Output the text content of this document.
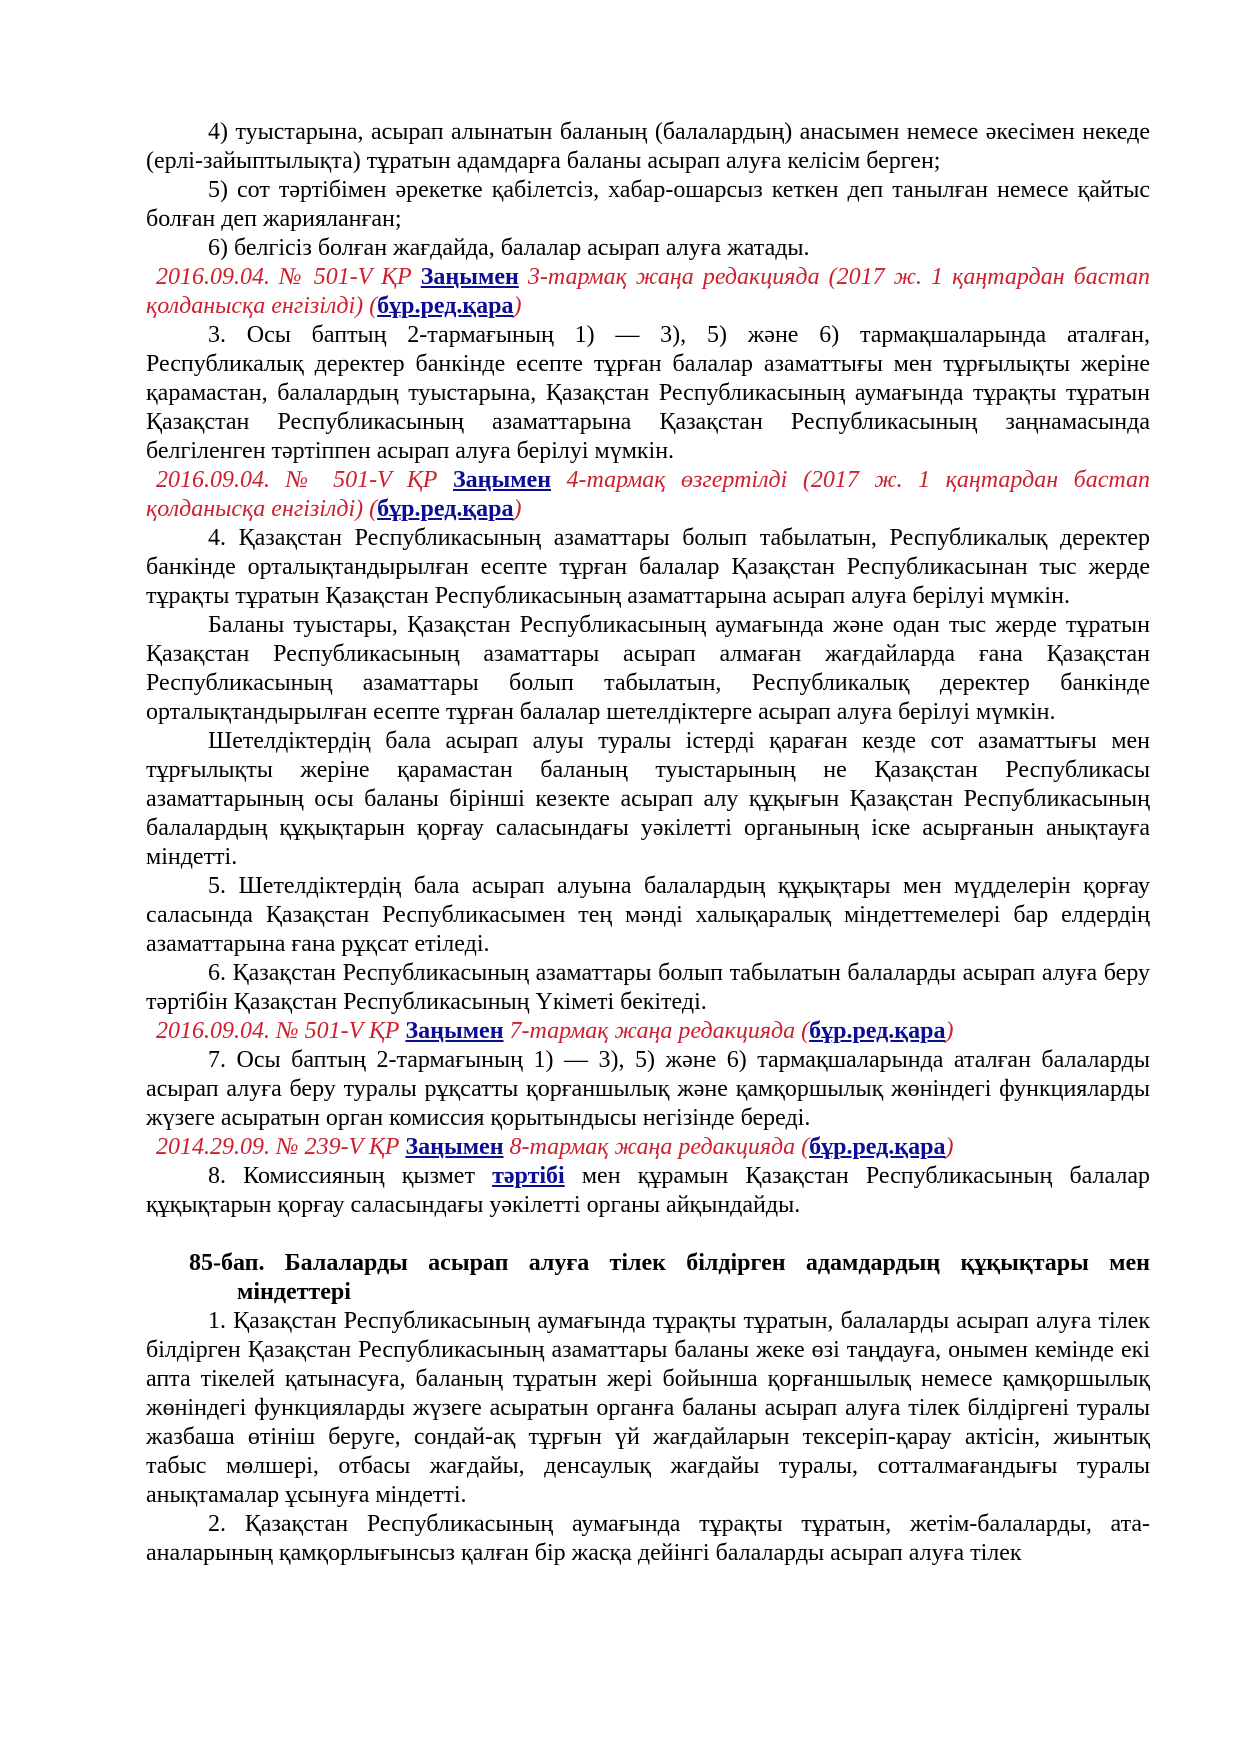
4) туыстарына, асырап алынатын баланың (балалардың) анасымен немесе әкесімен некеде (ерлі-зайыптылықта) тұратын адамдарға баланы асырап алуға келісім берген;

5) сот тәртібімен әрекетке қабілетсіз, хабар-ошарсыз кеткен деп танылған немесе қайтыс болған деп жарияланған;

6) белгісіз болған жағдайда, балалар асырап алуға жатады.

2016.09.04. № 501-V ҚР Заңымен 3-тармақ жаңа редакцияда (2017 ж. 1 қаңтардан бастап қолданысқа енгізілді) (бұр.ред.қара)

3. Осы баптың 2-тармағының 1) — 3), 5) және 6) тармақшаларында аталған, Республикалық деректер банкінде есепте тұрған балалар азаматтығы мен тұрғылықты жеріне қарамастан, балалардың туыстарына, Қазақстан Республикасының аумағында тұрақты тұратын Қазақстан Республикасының азаматтарына Қазақстан Республикасының заңнамасында белгіленген тәртіппен асырап алуға берілуі мүмкін.

2016.09.04. № 501-V ҚР Заңымен 4-тармақ өзгертілді (2017 ж. 1 қаңтардан бастап қолданысқа енгізілді) (бұр.ред.қара)

4. Қазақстан Республикасының азаматтары болып табылатын, Республикалық деректер банкінде орталықтандырылған есепте тұрған балалар Қазақстан Республикасынан тыс жерде тұрақты тұратын Қазақстан Республикасының азаматтарына асырап алуға берілуі мүмкін.

Баланы туыстары, Қазақстан Республикасының аумағында және одан тыс жерде тұратын Қазақстан Республикасының азаматтары асырап алмаған жағдайларда ғана Қазақстан Республикасының азаматтары болып табылатын, Республикалық деректер банкінде орталықтандырылған есепте тұрған балалар шетелдіктерге асырап алуға берілуі мүмкін.

Шетелдіктердің бала асырап алуы туралы істерді қараған кезде сот азаматтығы мен тұрғылықты жеріне қарамастан баланың туыстарының не Қазақстан Республикасы азаматтарының осы баланы бірінші кезекте асырап алу құқығын Қазақстан Республикасының балалардың құқықтарын қорғау саласындағы уәкілетті органының іске асырғанын анықтауға міндетті.

5. Шетелдіктердің бала асырап алуына балалардың құқықтары мен мүдделерін қорғау саласында Қазақстан Республикасымен тең мәнді халықаралық міндеттемелері бар елдердің азаматтарына ғана рұқсат етіледі.

6. Қазақстан Республикасының азаматтары болып табылатын балаларды асырап алуға беру тәртібін Қазақстан Республикасының Үкіметі бекітеді.

2016.09.04. № 501-V ҚР Заңымен 7-тармақ жаңа редакцияда (бұр.ред.қара)

7. Осы баптың 2-тармағының 1) — 3), 5) және 6) тармақшаларында аталған балаларды асырап алуға беру туралы рұқсатты қорғаншылық және қамқоршылық жөніндегі функцияларды жүзеге асыратын орган комиссия қорытындысы негізінде береді.

2014.29.09. № 239-V ҚР Заңымен 8-тармақ жаңа редакцияда (бұр.ред.қара)

8. Комиссияның қызмет тәртібі мен құрамын Қазақстан Республикасының балалар құқықтарын қорғау саласындағы уәкілетті органы айқындайды.

85-бап. Балаларды асырап алуға тілек білдірген адамдардың құқықтары мен міндеттері

1. Қазақстан Республикасының аумағында тұрақты тұратын, балаларды асырап алуға тілек білдірген Қазақстан Республикасының азаматтары баланы жеке өзі таңдауға, онымен кемінде екі апта тікелей қатынасуға, баланың тұратын жері бойынша қорғаншылық немесе қамқоршылық жөніндегі функцияларды жүзеге асыратын органға баланы асырап алуға тілек білдіргені туралы жазбаша өтініш беруге, сондай-ақ тұрғын үй жағдайларын тексеріп-қарау актісін, жиынтық табыс мөлшері, отбасы жағдайы, денсаулық жағдайы туралы, сотталмағандығы туралы анықтамалар ұсынуға міндетті.

2. Қазақстан Республикасының аумағында тұрақты тұратын, жетім-балаларды, ата-аналарының қамқорлығынсыз қалған бір жасқа дейінгі балаларды асырап алуға тілек
